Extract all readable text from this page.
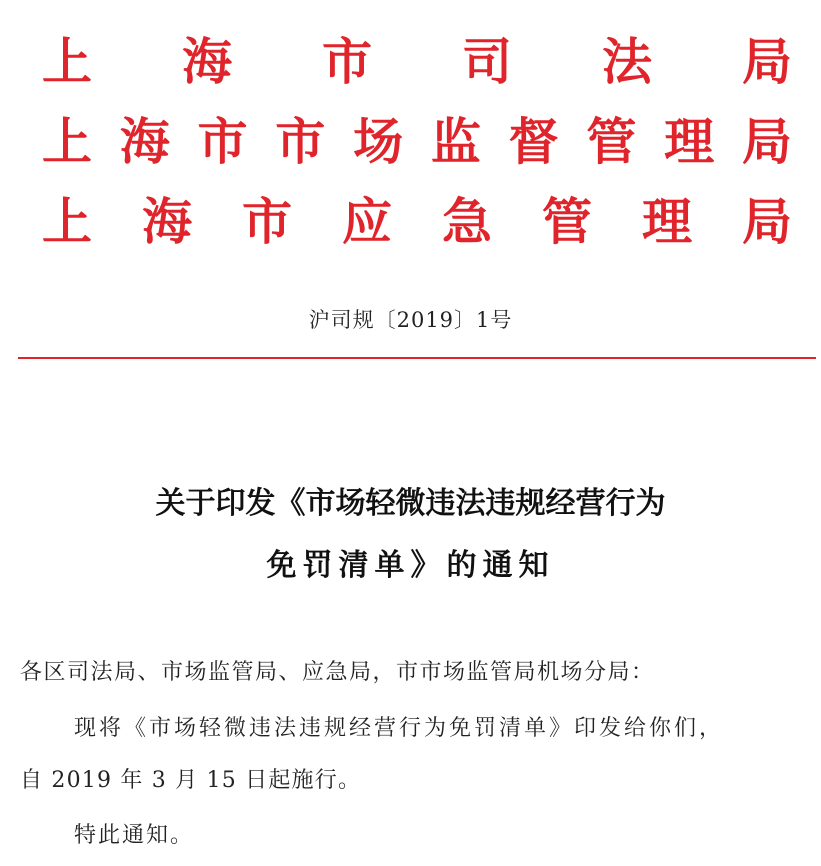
上 海 市 司 法 局
上 海 市 市 场 监 督 管 理 局
上 海 市 应 急 管 理 局
沪司规〔2019〕1号
关于印发《市场轻微违法违规经营行为
免罚清单》的通知
各区司法局、市场监管局、应急局，市市场监管局机场分局：
现将《市场轻微违法违规经营行为免罚清单》印发给你们，
自 2019 年 3 月 15 日起施行。
特此通知。
